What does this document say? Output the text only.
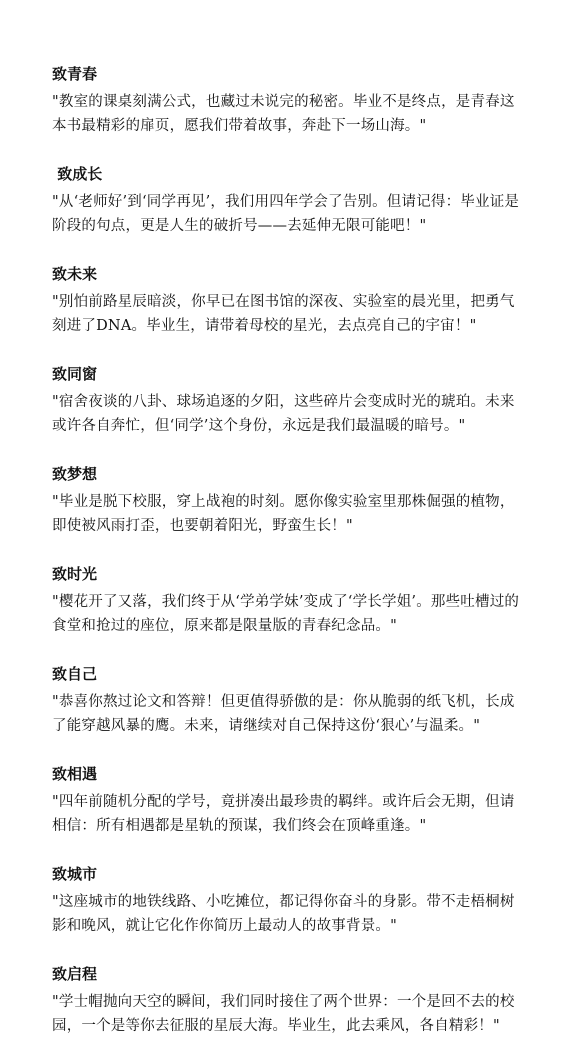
致青春

"教室的课桌刻满公式，也藏过未说完的秘密。毕业不是终点，是青春这本书最精彩的扉页，愿我们带着故事，奔赴下一场山海。"

致成长

"从‘老师好’到‘同学再见’，我们用四年学会了告别。但请记得：毕业证是阶段的句点，更是人生的破折号——去延伸无限可能吧！"

致未来

"别怕前路星辰暗淡，你早已在图书馆的深夜、实验室的晨光里，把勇气刻进了DNA。毕业生，请带着母校的星光，去点亮自己的宇宙！"

致同窗

"宿舍夜谈的八卦、球场追逐的夕阳，这些碎片会变成时光的琥珀。未来或许各自奔忙，但‘同学’这个身份，永远是我们最温暖的暗号。"

致梦想

"毕业是脱下校服，穿上战袍的时刻。愿你像实验室里那株倔强的植物，即使被风雨打歪，也要朝着阳光，野蛮生长！"

致时光

"樱花开了又落，我们终于从‘学弟学妹’变成了‘学长学姐’。那些吐槽过的食堂和抢过的座位，原来都是限量版的青春纪念品。"

致自己

"恭喜你熬过论文和答辩！但更值得骄傲的是：你从脆弱的纸飞机，长成了能穿越风暴的鹰。未来，请继续对自己保持这份‘狠心’与温柔。"

致相遇

"四年前随机分配的学号，竟拼凑出最珍贵的羁绊。或许后会无期，但请相信：所有相遇都是星轨的预谋，我们终会在顶峰重逢。"

致城市

"这座城市的地铁线路、小吃摊位，都记得你奋斗的身影。带不走梧桐树影和晚风，就让它化作你简历上最动人的故事背景。"

致启程

"学士帽抛向天空的瞬间，我们同时接住了两个世界：一个是回不去的校园，一个是等你去征服的星辰大海。毕业生，此去乘风，各自精彩！"
